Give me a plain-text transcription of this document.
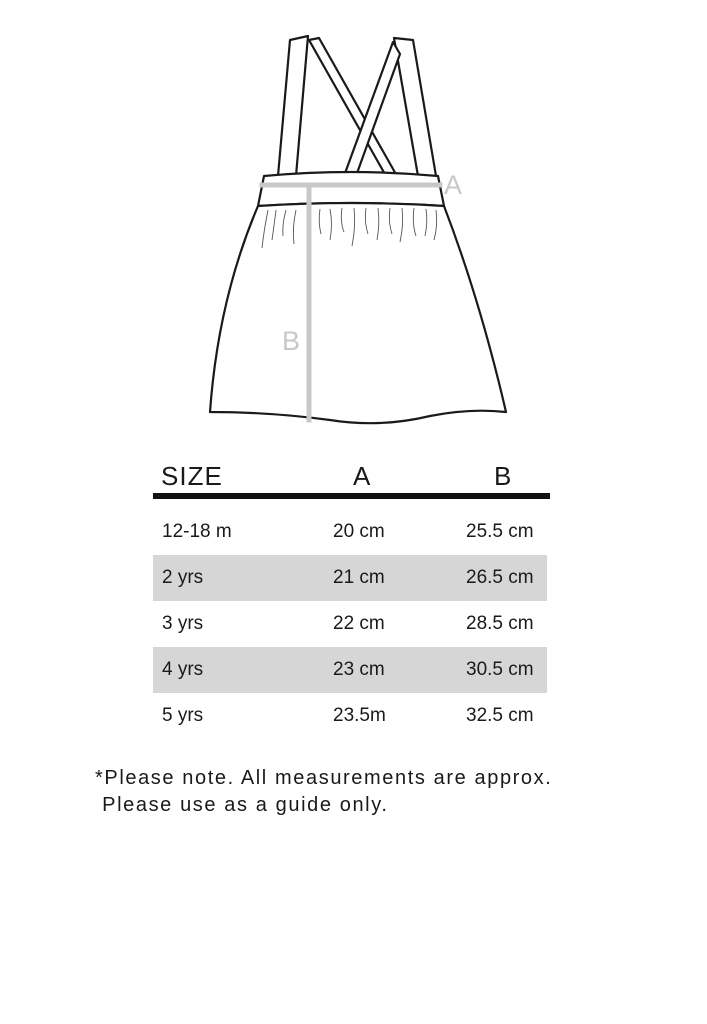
A
B
SIZE	A	B
12-18 m	20 cm	25.5 cm
2 yrs	21 cm	26.5 cm
3 yrs	22 cm	28.5 cm
4 yrs	23 cm	30.5 cm
5 yrs	23.5m	32.5 cm
*Please note. All measurements are approx.
Please use as a guide only.
